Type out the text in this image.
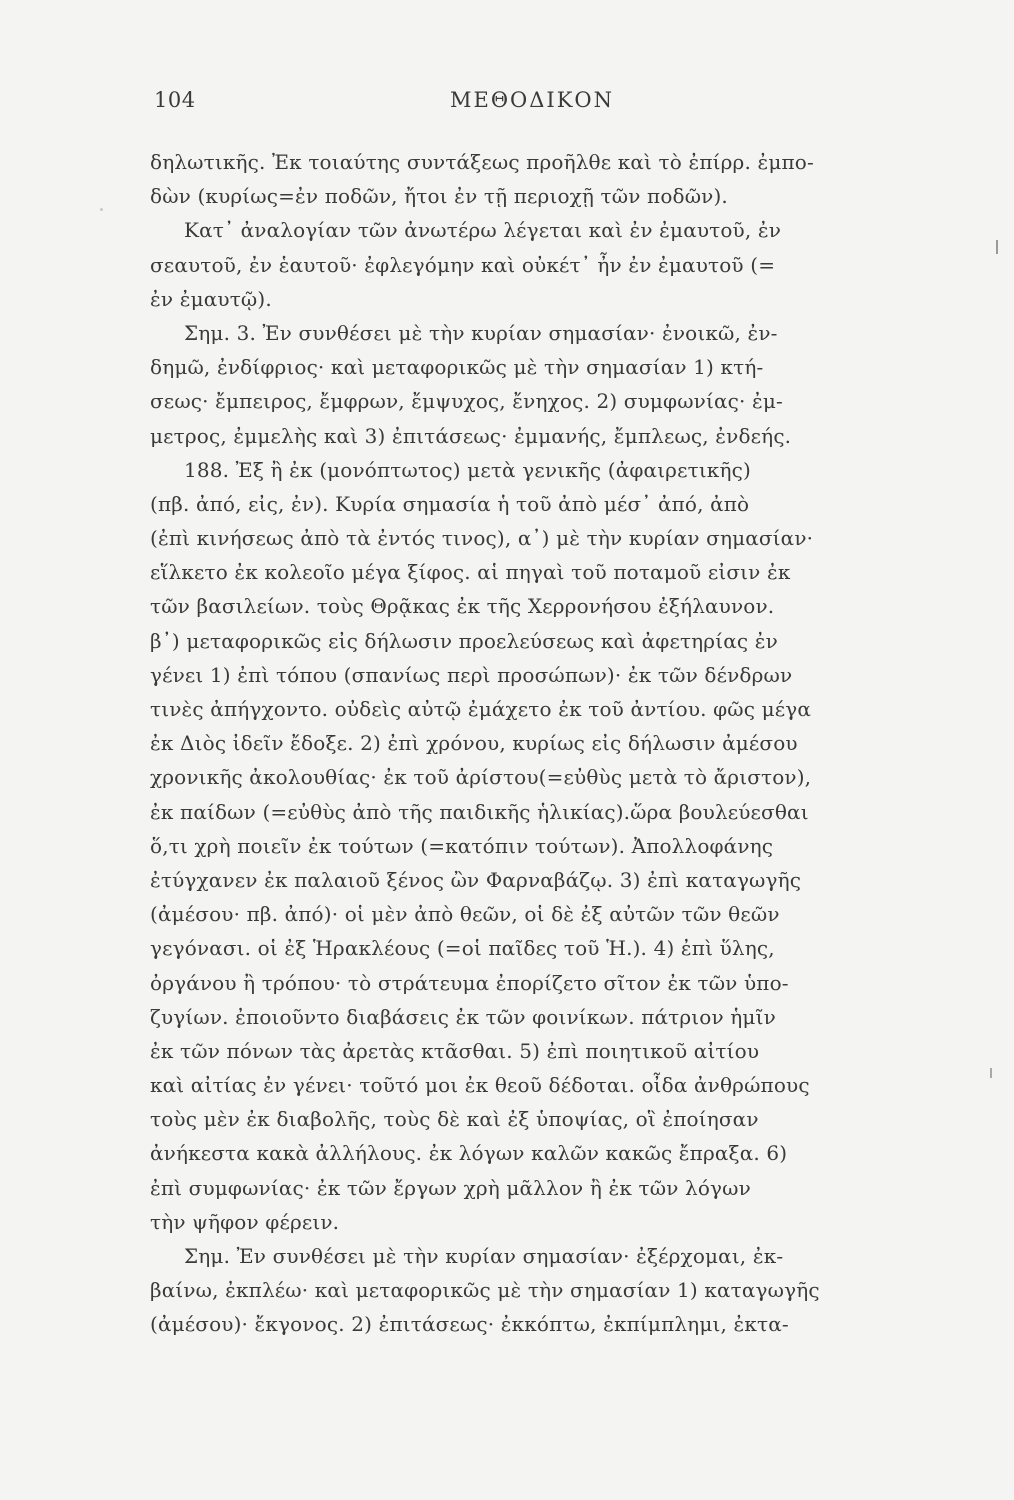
104	ΜΕΘΟΔΙΚΟΝ
δηλωτικῆς. Ἐκ τοιαύτης συντάξεως προῆλθε καὶ τὸ ἐπίρρ. ἐμπο-
δὼν (κυρίως=ἐν ποδῶν, ἤτοι ἐν τῇ περιοχῇ τῶν ποδῶν).
Κατ᾽ ἀναλογίαν τῶν ἀνωτέρω λέγεται καὶ ἐν ἐμαυτοῦ, ἐν
σεαυτοῦ, ἐν ἑαυτοῦ· ἐφλεγόμην καὶ οὐκέτ᾽ ἦν ἐν ἐμαυτοῦ (=
ἐν ἐμαυτῷ).
Σημ. 3. Ἐν συνθέσει μὲ τὴν κυρίαν σημασίαν· ἐνοικῶ, ἐν-
δημῶ, ἐνδίφριος· καὶ μεταφορικῶς μὲ τὴν σημασίαν 1) κτή-
σεως· ἔμπειρος, ἔμφρων, ἔμψυχος, ἔνηχος. 2) συμφωνίας· ἐμ-
μετρος, ἐμμελὴς καὶ 3) ἐπιτάσεως· ἐμμανής, ἔμπλεως, ἐνδεής.
188. Ἐξ ἢ ἐκ (μονόπτωτος) μετὰ γενικῆς (ἀφαιρετικῆς)
(πβ. ἀπό, εἰς, ἐν). Κυρία σημασία ἡ τοῦ ἀπὸ μέσ᾽ ἀπό, ἀπὸ
(ἐπὶ κινήσεως ἀπὸ τὰ ἐντός τινος), α᾽) μὲ τὴν κυρίαν σημασίαν·
εἵλκετο ἐκ κολεοῖο μέγα ξίφος. αἱ πηγαὶ τοῦ ποταμοῦ εἰσιν ἐκ
τῶν βασιλείων. τοὺς Θρᾷκας ἐκ τῆς Χερρονήσου ἐξήλαυνον.
β᾽) μεταφορικῶς εἰς δήλωσιν προελεύσεως καὶ ἀφετηρίας ἐν
γένει 1) ἐπὶ τόπου (σπανίως περὶ προσώπων)· ἐκ τῶν δένδρων
τινὲς ἀπήγχοντο. οὐδεὶς αὐτῷ ἐμάχετο ἐκ τοῦ ἀντίου. φῶς μέγα
ἐκ Διὸς ἰδεῖν ἔδοξε. 2) ἐπὶ χρόνου, κυρίως εἰς δήλωσιν ἀμέσου
χρονικῆς ἀκολουθίας· ἐκ τοῦ ἀρίστου(=εὐθὺς μετὰ τὸ ἄριστον),
ἐκ παίδων (=εὐθὺς ἀπὸ τῆς παιδικῆς ἡλικίας).ὥρα βουλεύεσθαι
ὅ,τι χρὴ ποιεῖν ἐκ τούτων (=κατόπιν τούτων). Ἀπολλοφάνης
ἐτύγχανεν ἐκ παλαιοῦ ξένος ὢν Φαρναβάζῳ. 3) ἐπὶ καταγωγῆς
(ἀμέσου· πβ. ἀπό)· οἱ μὲν ἀπὸ θεῶν, οἱ δὲ ἐξ αὐτῶν τῶν θεῶν
γεγόνασι. οἱ ἐξ Ἡρακλέους (=οἱ παῖδες τοῦ Ἡ.). 4) ἐπὶ ὕλης,
ὀργάνου ἢ τρόπου· τὸ στράτευμα ἐπορίζετο σῖτον ἐκ τῶν ὑπο-
ζυγίων. ἐποιοῦντο διαβάσεις ἐκ τῶν φοινίκων. πάτριον ἡμῖν
ἐκ τῶν πόνων τὰς ἀρετὰς κτᾶσθαι. 5) ἐπὶ ποιητικοῦ αἰτίου
καὶ αἰτίας ἐν γένει· τοῦτό μοι ἐκ θεοῦ δέδοται. οἶδα ἀνθρώπους
τοὺς μὲν ἐκ διαβολῆς, τοὺς δὲ καὶ ἐξ ὑποψίας, οἳ ἐποίησαν
ἀνήκεστα κακὰ ἀλλήλους. ἐκ λόγων καλῶν κακῶς ἔπραξα. 6)
ἐπὶ συμφωνίας· ἐκ τῶν ἔργων χρὴ μᾶλλον ἢ ἐκ τῶν λόγων
τὴν ψῆφον φέρειν.
Σημ. Ἐν συνθέσει μὲ τὴν κυρίαν σημασίαν· ἐξέρχομαι, ἐκ-
βαίνω, ἐκπλέω· καὶ μεταφορικῶς μὲ τὴν σημασίαν 1) καταγωγῆς
(ἀμέσου)· ἔκγονος. 2) ἐπιτάσεως· ἐκκόπτω, ἐκπίμπλημι, ἐκτα-
